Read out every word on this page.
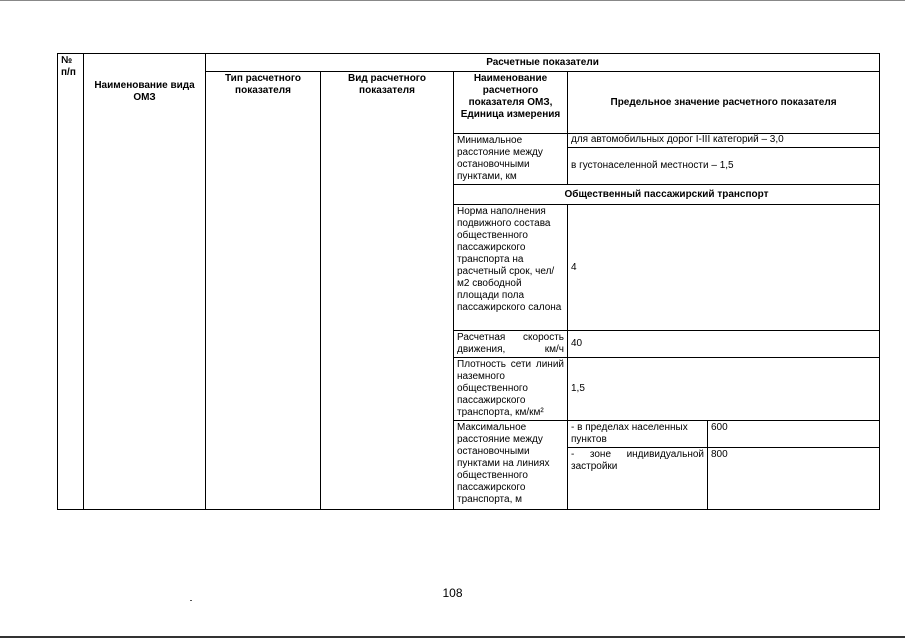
№ п/п	Наименование вида ОМЗ	Расчетные показатели				

		Тип расчетного показателя	Вид расчетного показателя	Наименование расчетного показателя ОМЗ, Единица измерения	Предельное значение расчетного показателя	
				Минимальное расстояние между остановочными пунктами, км	для автомобильных дорог I-III категорий – 3,0	
					в густонаселенной местности – 1,5	
				Общественный пассажирский транспорт		
				Норма наполнения подвижного состава общественного пассажирского транспорта на расчетный срок, чел/м2 свободной площади пола пассажирского салона	4	
				Расчетная скорость движения, км/ч	40	

				Плотность сети линий наземного общественного пассажирского транспорта, км/км²	1,5	
				Максимальное расстояние между остановочными пунктами на линиях общественного пассажирского транспорта, м	- в пределах населенных пунктов	600

					- зоне индивидуальной застройки	800
108
